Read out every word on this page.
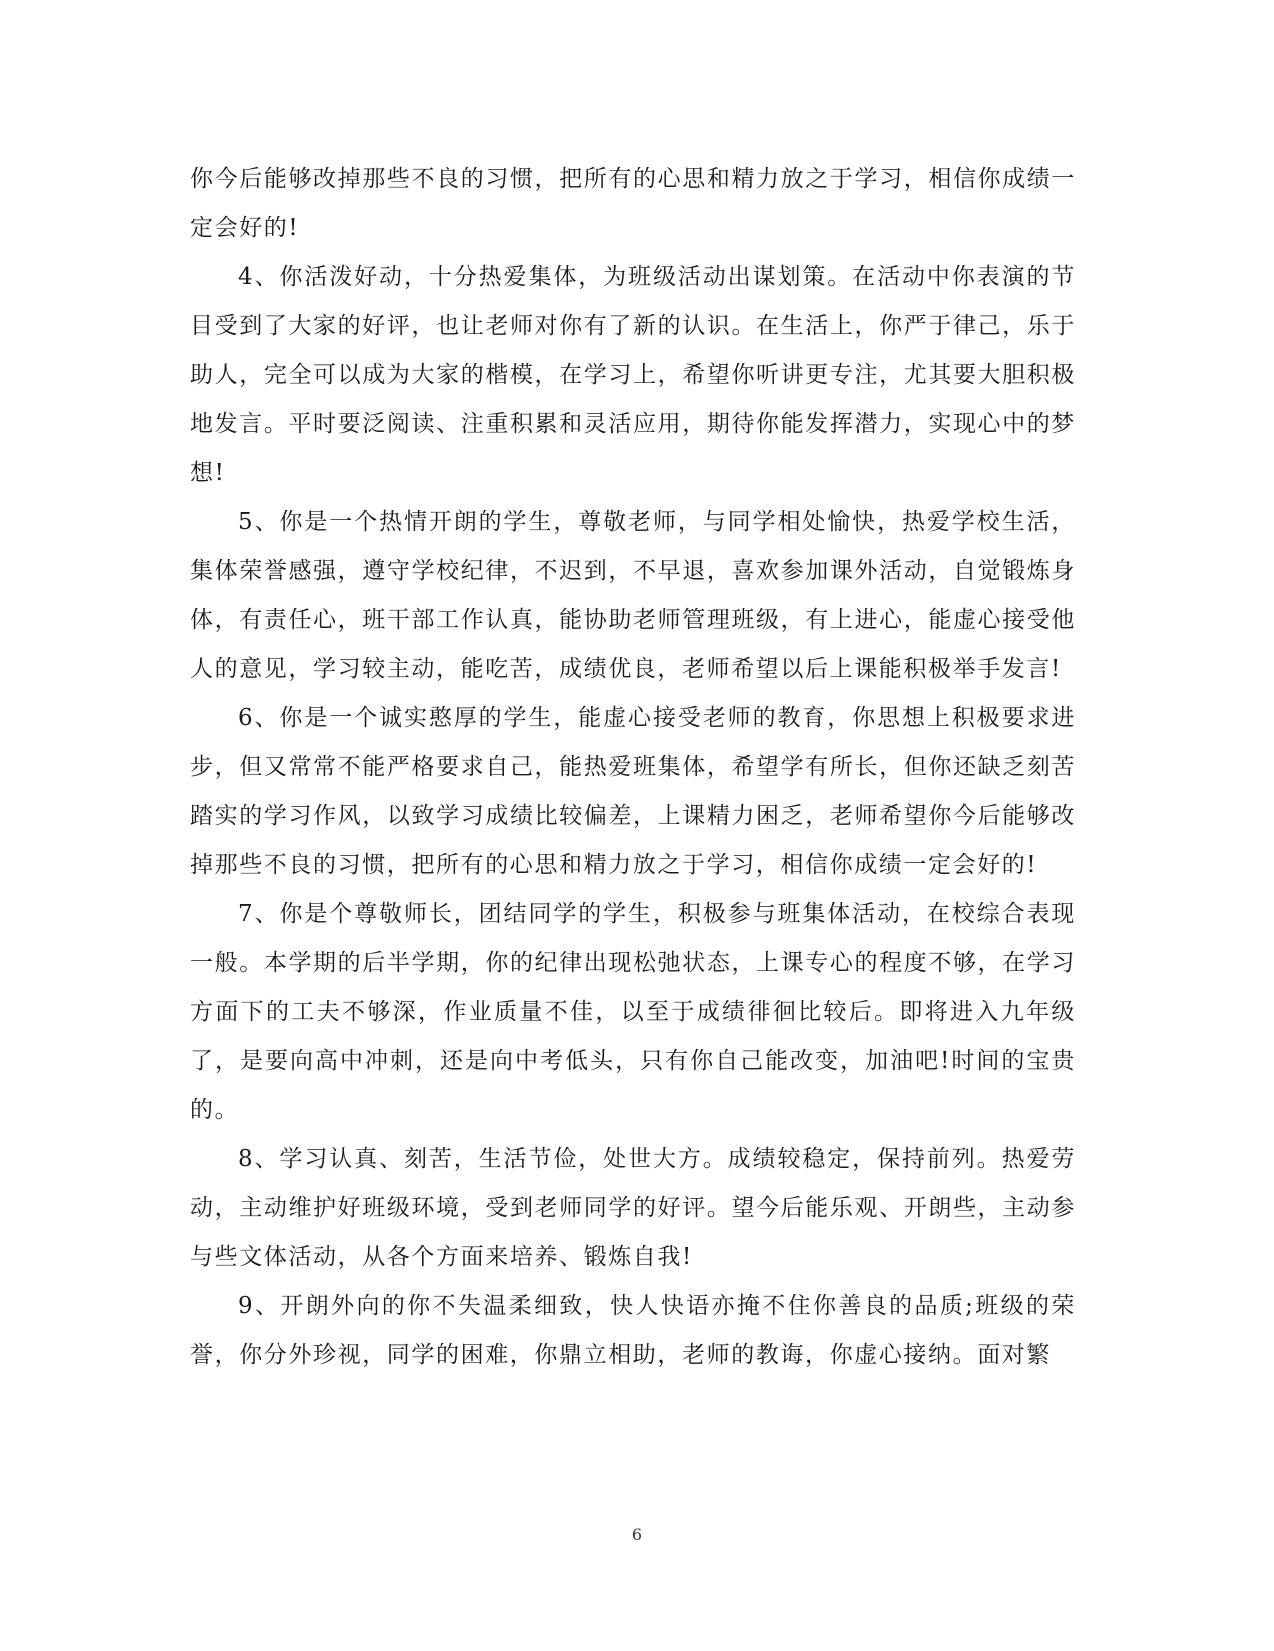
你今后能够改掉那些不良的习惯，把所有的心思和精力放之于学习，相信你成绩一定会好的!

4、你活泼好动，十分热爱集体，为班级活动出谋划策。在活动中你表演的节目受到了大家的好评，也让老师对你有了新的认识。在生活上，你严于律己，乐于助人，完全可以成为大家的楷模，在学习上，希望你听讲更专注，尤其要大胆积极地发言。平时要泛阅读、注重积累和灵活应用，期待你能发挥潜力，实现心中的梦想!

5、你是一个热情开朗的学生，尊敬老师，与同学相处愉快，热爱学校生活，集体荣誉感强，遵守学校纪律，不迟到，不早退，喜欢参加课外活动，自觉锻炼身体，有责任心，班干部工作认真，能协助老师管理班级，有上进心，能虚心接受他人的意见，学习较主动，能吃苦，成绩优良，老师希望以后上课能积极举手发言!

6、你是一个诚实憨厚的学生，能虚心接受老师的教育，你思想上积极要求进步，但又常常不能严格要求自己，能热爱班集体，希望学有所长，但你还缺乏刻苦踏实的学习作风，以致学习成绩比较偏差，上课精力困乏，老师希望你今后能够改掉那些不良的习惯，把所有的心思和精力放之于学习，相信你成绩一定会好的!

7、你是个尊敬师长，团结同学的学生，积极参与班集体活动，在校综合表现一般。本学期的后半学期，你的纪律出现松弛状态，上课专心的程度不够，在学习方面下的工夫不够深，作业质量不佳，以至于成绩徘徊比较后。即将进入九年级了，是要向高中冲刺，还是向中考低头，只有你自己能改变，加油吧!时间的宝贵的。

8、学习认真、刻苦，生活节俭，处世大方。成绩较稳定，保持前列。热爱劳动，主动维护好班级环境，受到老师同学的好评。望今后能乐观、开朗些，主动参与些文体活动，从各个方面来培养、锻炼自我!

9、开朗外向的你不失温柔细致，快人快语亦掩不住你善良的品质;班级的荣誉，你分外珍视，同学的困难，你鼎立相助，老师的教诲，你虚心接纳。面对繁

6
